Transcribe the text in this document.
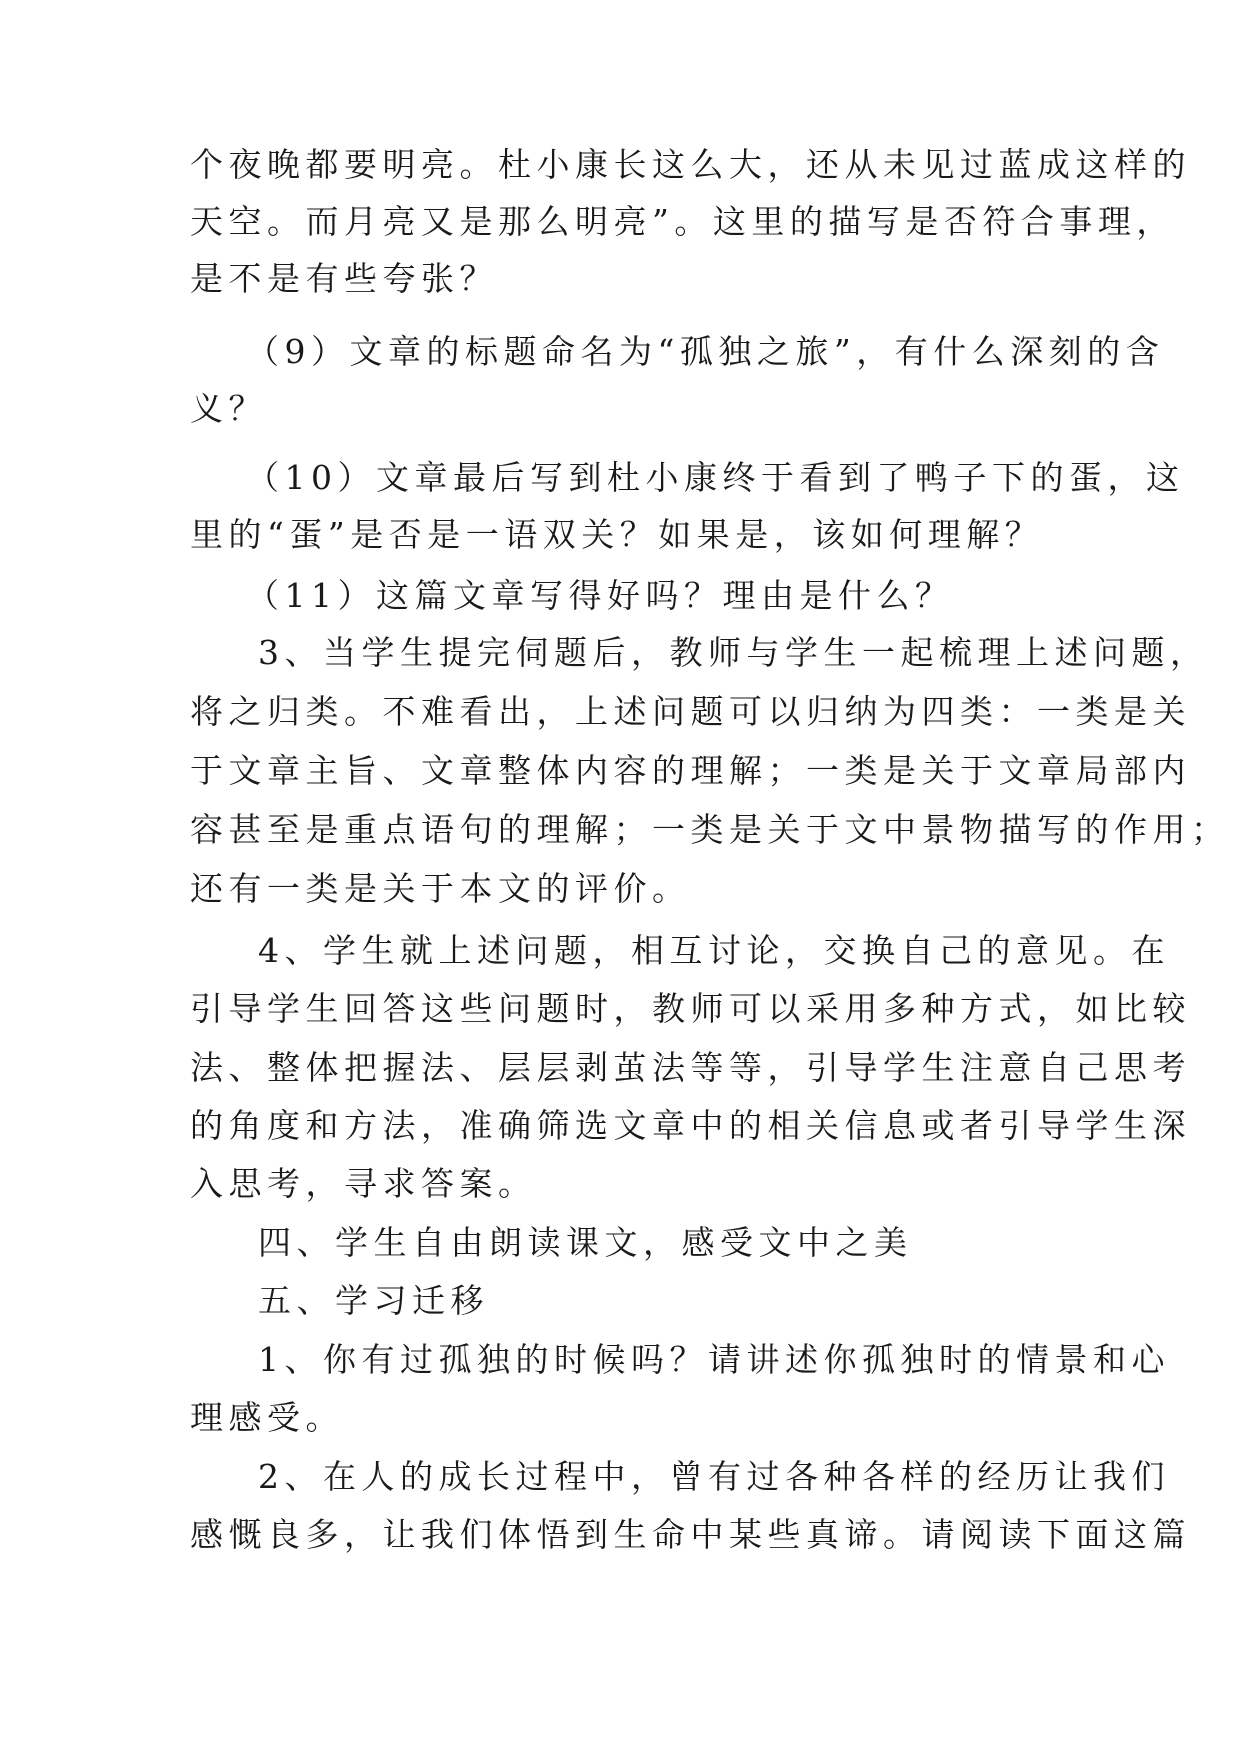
个夜晚都要明亮。杜小康长这么大，还从未见过蓝成这样的
天空。而月亮又是那么明亮”。这里的描写是否符合事理，
是不是有些夸张？
（9）文章的标题命名为“孤独之旅”，有什么深刻的含
义？
（10）文章最后写到杜小康终于看到了鸭子下的蛋，这
里的“蛋”是否是一语双关？如果是，该如何理解？
（11）这篇文章写得好吗？理由是什么？
3、当学生提完伺题后，教师与学生一起梳理上述问题，
将之归类。不难看出，上述问题可以归纳为四类：一类是关
于文章主旨、文章整体内容的理解；一类是关于文章局部内
容甚至是重点语句的理解；一类是关于文中景物描写的作用；
还有一类是关于本文的评价。
4、学生就上述问题，相互讨论，交换自己的意见。在
引导学生回答这些问题时，教师可以采用多种方式，如比较
法、整体把握法、层层剥茧法等等，引导学生注意自己思考
的角度和方法，准确筛选文章中的相关信息或者引导学生深
入思考，寻求答案。
四、学生自由朗读课文，感受文中之美
五、学习迁移
1、你有过孤独的时候吗？请讲述你孤独时的情景和心
理感受。
2、在人的成长过程中，曾有过各种各样的经历让我们
感慨良多，让我们体悟到生命中某些真谛。请阅读下面这篇
